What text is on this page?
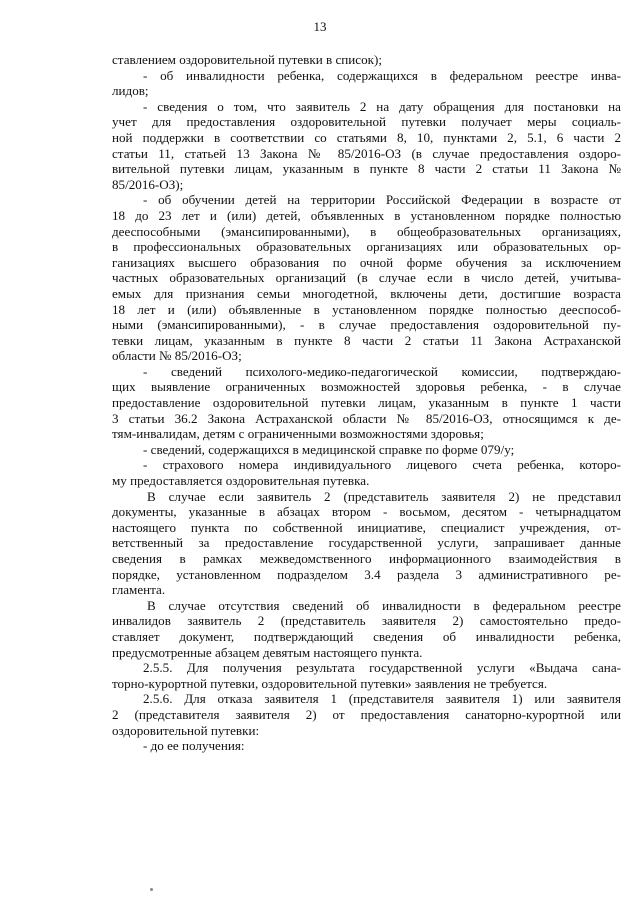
13
ставлением оздоровительной путевки в список);
- об инвалидности ребенка, содержащихся в федеральном реестре инва-
лидов;
- сведения о том, что заявитель 2 на дату обращения для постановки на
учет для предоставления оздоровительной путевки получает меры социаль-
ной поддержки в соответствии со статьями 8, 10, пунктами 2, 5.1, 6 части 2
статьи 11, статьей 13 Закона № 85/2016-ОЗ (в случае предоставления оздоро-
вительной путевки лицам, указанным в пункте 8 части 2 статьи 11 Закона №
85/2016-ОЗ);
- об обучении детей на территории Российской Федерации в возрасте от
18 до 23 лет и (или) детей, объявленных в установленном порядке полностью
дееспособными (эмансипированными), в общеобразовательных организациях,
в профессиональных образовательных организациях или образовательных ор-
ганизациях высшего образования по очной форме обучения за исключением
частных образовательных организаций (в случае если в число детей, учитыва-
емых для признания семьи многодетной, включены дети, достигшие возраста
18 лет и (или) объявленные в установленном порядке полностью дееспособ-
ными (эмансипированными), - в случае предоставления оздоровительной пу-
тевки лицам, указанным в пункте 8 части 2 статьи 11 Закона Астраханской
области № 85/2016-ОЗ;
- сведений психолого-медико-педагогической комиссии, подтверждаю-
щих выявление ограниченных возможностей здоровья ребенка, - в случае
предоставление оздоровительной путевки лицам, указанным в пункте 1 части
3 статьи 36.2 Закона Астраханской области № 85/2016-ОЗ, относящимся к де-
тям-инвалидам, детям с ограниченными возможностями здоровья;
- сведений, содержащихся в медицинской справке по форме 079/у;
- страхового номера индивидуального лицевого счета ребенка, которо-
му предоставляется оздоровительная путевка.
В случае если заявитель 2 (представитель заявителя 2) не представил
документы, указанные в абзацах втором - восьмом, десятом - четырнадцатом
настоящего пункта по собственной инициативе, специалист учреждения, от-
ветственный за предоставление государственной услуги, запрашивает данные
сведения в рамках межведомственного информационного взаимодействия в
порядке, установленном подразделом 3.4 раздела 3 административного ре-
гламента.
В случае отсутствия сведений об инвалидности в федеральном реестре
инвалидов заявитель 2 (представитель заявителя 2) самостоятельно предо-
ставляет документ, подтверждающий сведения об инвалидности ребенка,
предусмотренные абзацем девятым настоящего пункта.
2.5.5. Для получения результата государственной услуги «Выдача сана-
торно-курортной путевки, оздоровительной путевки» заявления не требуется.
2.5.6. Для отказа заявителя 1 (представителя заявителя 1) или заявителя
2 (представителя заявителя 2) от предоставления санаторно-курортной или
оздоровительной путевки:
- до ее получения:
